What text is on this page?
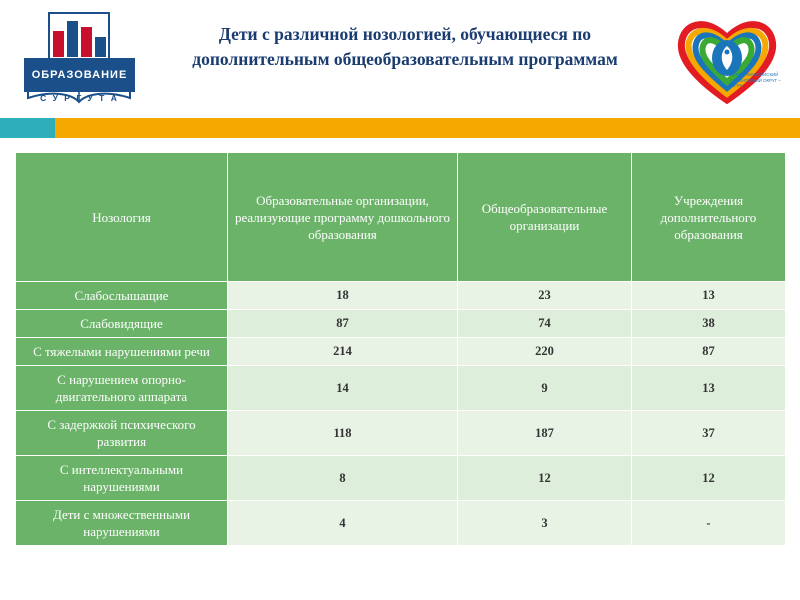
ОБРАЗОВАНИЕ
С У Р Г У Т А
Дети с различной нозологией, обучающиеся по дополнительным общеобразовательным программам
ХАНТЫ-МАНСИЙСКИЙ АВТОНОМНЫЙ ОКРУГ – ЮГРА
Нозология	Образовательные организации, реализующие программу дошкольного образования	Общеобразовательные организации	Учреждения дополнительного образования
Слабослышащие	18	23	13
Слабовидящие	87	74	38
С тяжелыми нарушениями речи	214	220	87
С нарушением опорно-двигательного аппарата	14	9	13
С задержкой психического развития	118	187	37
С интеллектуальными нарушениями	8	12	12
Дети с множественными нарушениями	4	3	-
